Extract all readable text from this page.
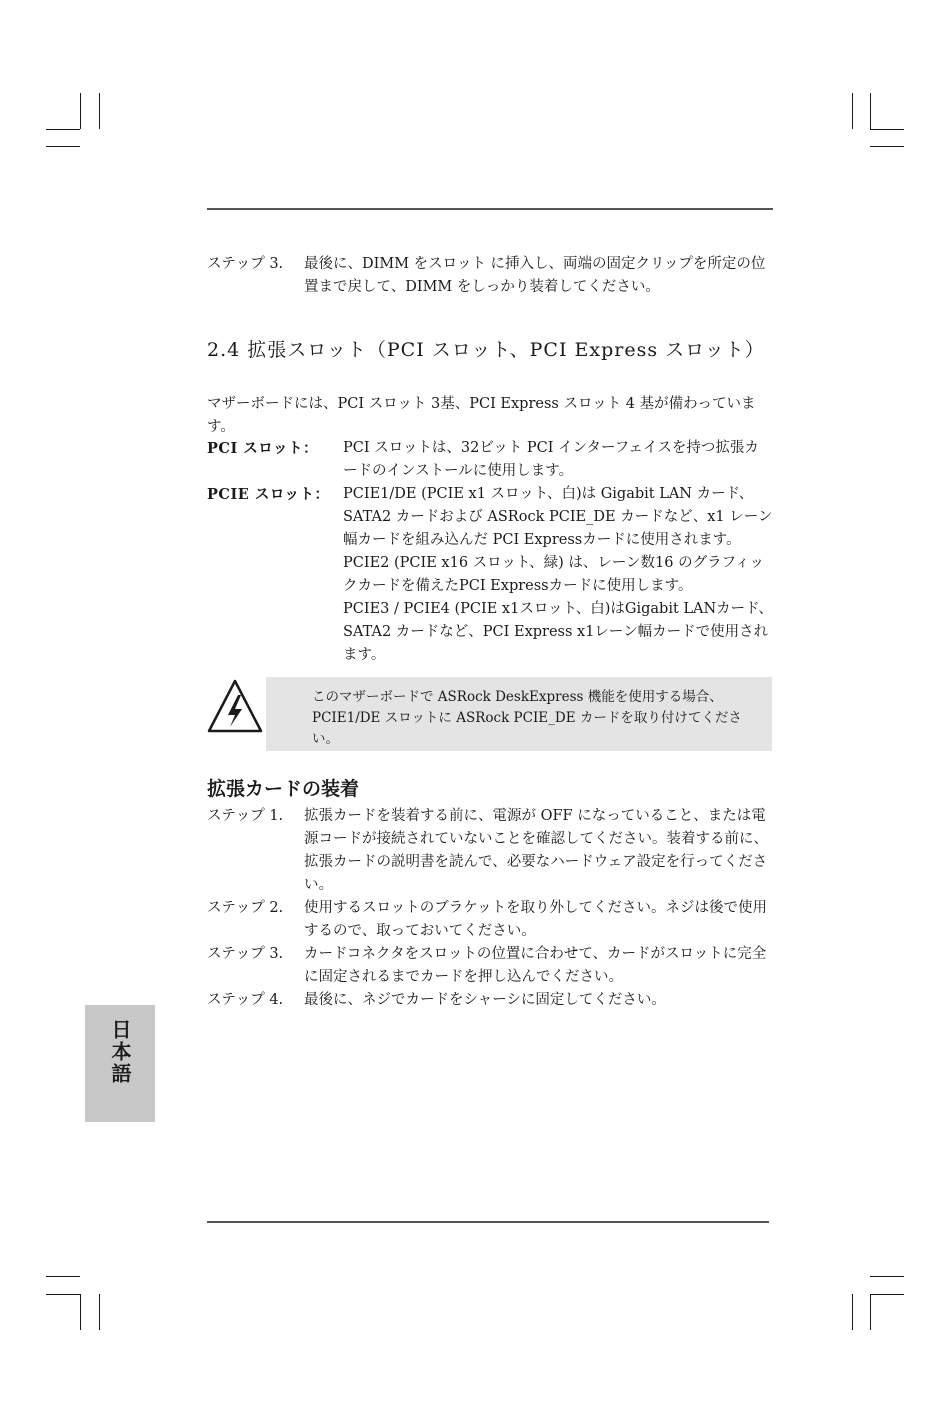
ステップ 3. 最後に、DIMM をスロット に挿入し、両端の固定クリップを所定の位置まで戻して、DIMM をしっかり装着してください。
2.4 拡張スロット（PCI スロット、PCI Express スロット）
マザーボードには、PCI スロット 3基、PCI Express スロット 4 基が備わっています。
PCI スロット： PCI スロットは、32ビット PCI インターフェイスを持つ拡張カードのインストールに使用します。

PCIE スロット： PCIE1/DE (PCIE x1 スロット、白)は Gigabit LAN カード、SATA2 カードおよび ASRock PCIE_DE カードなど、x1 レーン幅カードを組み込んだ PCI Expressカードに使用されます。

PCIE2 (PCIE x16 スロット、緑) は、レーン数16 のグラフィックカードを備えたPCI Expressカードに使用します。

PCIE3 / PCIE4 (PCIE x1スロット、白)はGigabit LANカード、SATA2 カードなど、PCI Express x1レーン幅カードで使用されます。

このマザーボードで ASRock DeskExpress 機能を使用する場合、PCIE1/DE スロットに ASRock PCIE_DE カードを取り付けてください。
拡張カードの装着
ステップ 1. 拡張カードを装着する前に、電源が OFF になっていること、または電源コードが接続されていないことを確認してください。装着する前に、拡張カードの説明書を読んで、必要なハードウェア設定を行ってください。
ステップ 2. 使用するスロットのブラケットを取り外してください。ネジは後で使用するので、取っておいてください。
ステップ 3. カードコネクタをスロットの位置に合わせて、カードがスロットに完全に固定されるまでカードを押し込んでください。
ステップ 4. 最後に、ネジでカードをシャーシに固定してください。
日本語
